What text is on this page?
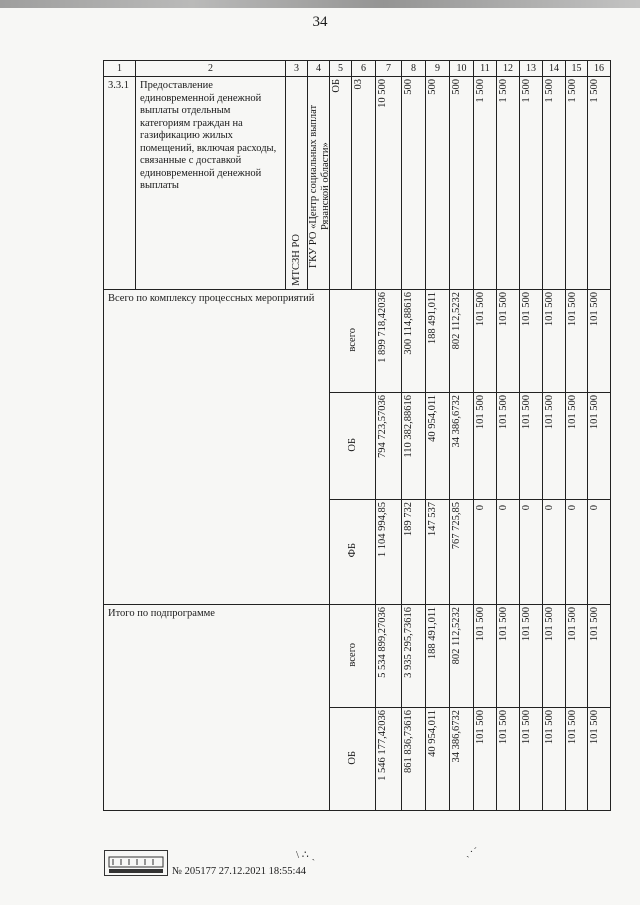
34
1	2	3	4	5	6	7	8	9	10	11	12	13	14	15	16
3.3.1	Предоставление единовременной денежной выплаты отдельным категориям граждан на газификацию жилых помещений, включая расходы, связанные с доставкой единовременной денежной выплаты	МТСЗН РО	ГКУ РО «Центр социальных выплат Рязанской области»	ОБ	03	10 500	500	500	500	1 500	1 500	1 500	1 500	1 500	1 500
Всего по комплексу процессных мероприятий				всего		1 899 718,42036	300 114,88616	188 491,011	802 112,5232	101 500	101 500	101 500	101 500	101 500	101 500
				ОБ		794 723,57036	110 382,88616	40 954,011	34 386,6732	101 500	101 500	101 500	101 500	101 500	101 500
				ФБ		1 104 994,85	189 732	147 537	767 725,85	0	0	0	0	0	0
Итого по подпрограмме				всего		5 534 899,27036	3 935 295,73616	188 491,011	802 112,5232	101 500	101 500	101 500	101 500	101 500	101 500
				ОБ		1 546 177,42036	861 836,73616	40 954,011	34 386,6732	101 500	101 500	101 500	101 500	101 500	101 500
№ 205177 27.12.2021 18:55:44
\ ∴ ˎ	ˎ·ˊ
